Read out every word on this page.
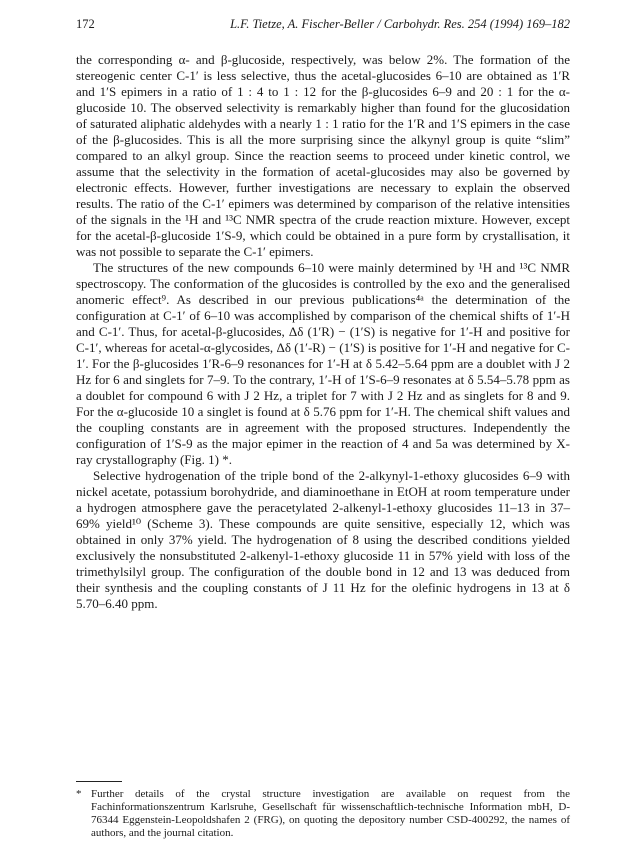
172	L.F. Tietze, A. Fischer-Beller / Carbohydr. Res. 254 (1994) 169–182

the corresponding α- and β-glucoside, respectively, was below 2%. The formation of the stereogenic center C-1′ is less selective, thus the acetal-glucosides 6–10 are obtained as 1′R and 1′S epimers in a ratio of 1 : 4 to 1 : 12 for the β-glucosides 6–9 and 20 : 1 for the α-glucoside 10. The observed selectivity is remarkably higher than found for the glucosidation of saturated aliphatic aldehydes with a nearly 1 : 1 ratio for the 1′R and 1′S epimers in the case of the β-glucosides. This is all the more surprising since the alkynyl group is quite “slim” compared to an alkyl group. Since the reaction seems to proceed under kinetic control, we assume that the selectivity in the formation of acetal-glucosides may also be governed by electronic effects. However, further investigations are necessary to explain the observed results. The ratio of the C-1′ epimers was determined by comparison of the relative intensities of the signals in the ¹H and ¹³C NMR spectra of the crude reaction mixture. However, except for the acetal-β-glucoside 1′S-9, which could be obtained in a pure form by crystallisation, it was not possible to separate the C-1′ epimers.

The structures of the new compounds 6–10 were mainly determined by ¹H and ¹³C NMR spectroscopy. The conformation of the glucosides is controlled by the exo and the generalised anomeric effect⁹. As described in our previous publications⁴ᵃ the determination of the configuration at C-1′ of 6–10 was accomplished by comparison of the chemical shifts of 1′-H and C-1′. Thus, for acetal-β-glucosides, Δδ (1′R) − (1′S) is negative for 1′-H and positive for C-1′, whereas for acetal-α-glycosides, Δδ (1′-R) − (1′S) is positive for 1′-H and negative for C-1′. For the β-glucosides 1′R-6–9 resonances for 1′-H at δ 5.42–5.64 ppm are a doublet with J 2 Hz for 6 and singlets for 7–9. To the contrary, 1′-H of 1′S-6–9 resonates at δ 5.54–5.78 ppm as a doublet for compound 6 with J 2 Hz, a triplet for 7 with J 2 Hz and as singlets for 8 and 9. For the α-glucoside 10 a singlet is found at δ 5.76 ppm for 1′-H. The chemical shift values and the coupling constants are in agreement with the proposed structures. Independently the configuration of 1′S-9 as the major epimer in the reaction of 4 and 5a was determined by X-ray crystallography (Fig. 1) *.

Selective hydrogenation of the triple bond of the 2-alkynyl-1-ethoxy glucosides 6–9 with nickel acetate, potassium borohydride, and diaminoethane in EtOH at room temperature under a hydrogen atmosphere gave the peracetylated 2-alkenyl-1-ethoxy glucosides 11–13 in 37–69% yield¹⁰ (Scheme 3). These compounds are quite sensitive, especially 12, which was obtained in only 37% yield. The hydrogenation of 8 using the described conditions yielded exclusively the nonsubstituted 2-alkenyl-1-ethoxy glucoside 11 in 57% yield with loss of the trimethylsilyl group. The configuration of the double bond in 12 and 13 was deduced from their synthesis and the coupling constants of J 11 Hz for the olefinic hydrogens in 13 at δ 5.70–6.40 ppm.

* Further details of the crystal structure investigation are available on request from the Fachinformationszentrum Karlsruhe, Gesellschaft für wissenschaftlich-technische Information mbH, D-76344 Eggenstein-Leopoldshafen 2 (FRG), on quoting the depository number CSD-400292, the names of authors, and the journal citation.
